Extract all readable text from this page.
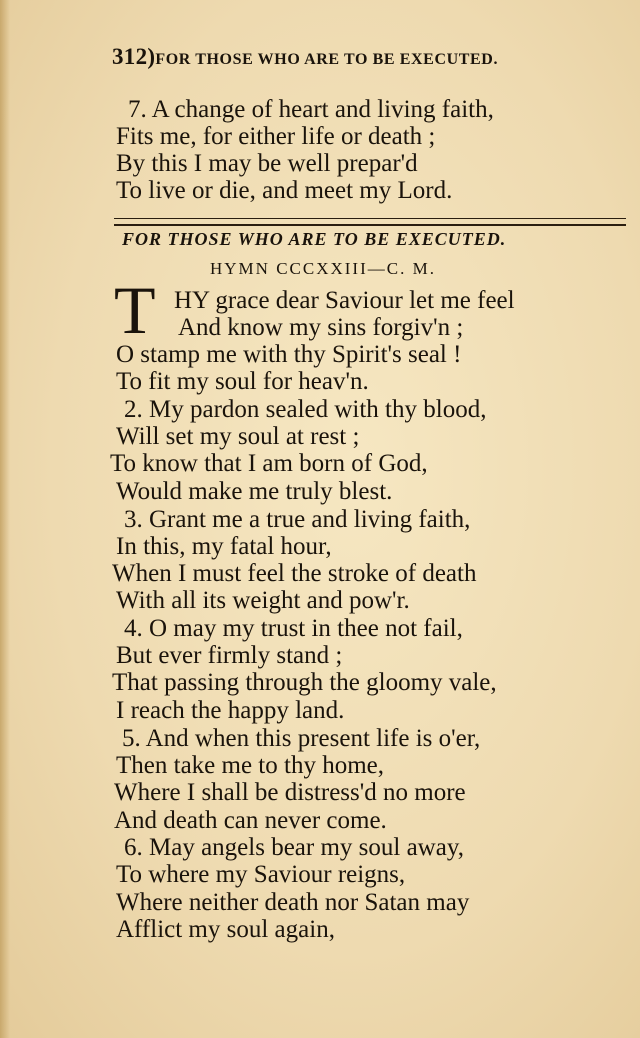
312)FOR THOSE WHO ARE TO BE EXECUTED.
7. A change of heart and living faith,
Fits me, for either life or death ;
By this I may be well prepar'd
To live or die, and meet my Lord.
FOR THOSE WHO ARE TO BE EXECUTED.
HYMN CCCXXIII—C. M.
T HY grace dear Saviour let me feel
And know my sins forgiv'n ;
O stamp me with thy Spirit's seal !
To fit my soul for heav'n.
2. My pardon sealed with thy blood,
Will set my soul at rest ;
To know that I am born of God,
Would make me truly blest.
3. Grant me a true and living faith,
In this, my fatal hour,
When I must feel the stroke of death
With all its weight and pow'r.
4. O may my trust in thee not fail,
But ever firmly stand ;
That passing through the gloomy vale,
I reach the happy land.
5. And when this present life is o'er,
Then take me to thy home,
Where I shall be distress'd no more
And death can never come.
6. May angels bear my soul away,
To where my Saviour reigns,
Where neither death nor Satan may
Afflict my soul again,
